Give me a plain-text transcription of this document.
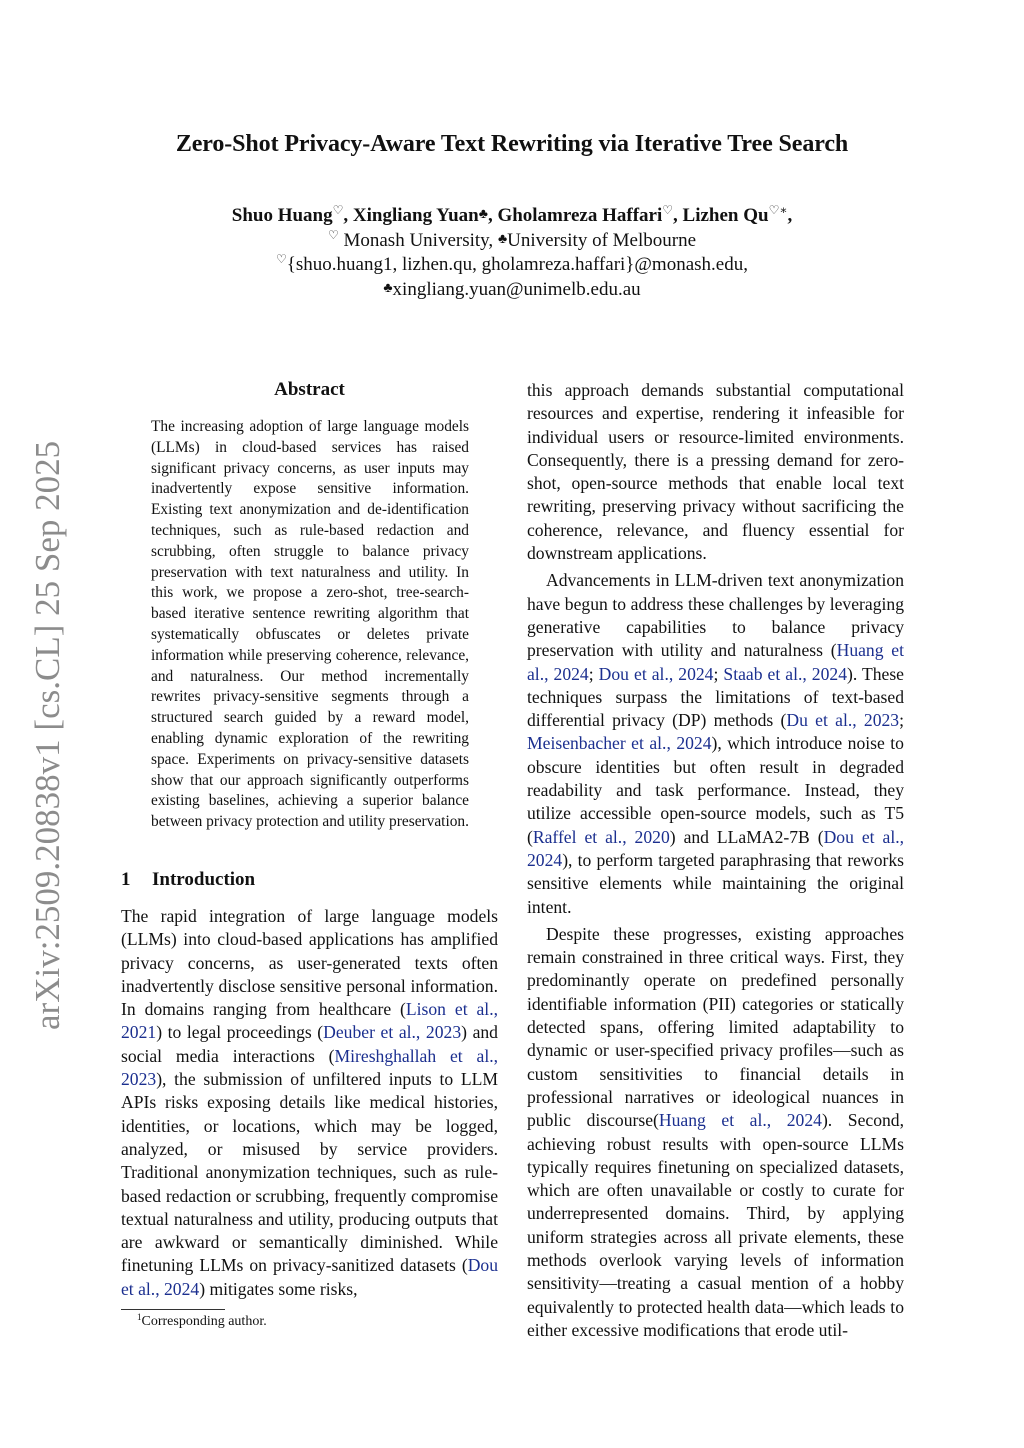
Zero-Shot Privacy-Aware Text Rewriting via Iterative Tree Search
Shuo Huang♡, Xingliang Yuan♣, Gholamreza Haffari♡, Lizhen Qu♡∗,
♡ Monash University, ♣University of Melbourne
♡{shuo.huang1, lizhen.qu, gholamreza.haffari}@monash.edu,
♣xingliang.yuan@unimelb.edu.au
arXiv:2509.20838v1 [cs.CL] 25 Sep 2025
Abstract
The increasing adoption of large language models (LLMs) in cloud-based services has raised significant privacy concerns, as user inputs may inadvertently expose sensitive information. Existing text anonymization and de-identification techniques, such as rule-based redaction and scrubbing, often struggle to balance privacy preservation with text naturalness and utility. In this work, we propose a zero-shot, tree-search-based iterative sentence rewriting algorithm that systematically obfuscates or deletes private information while preserving coherence, relevance, and naturalness. Our method incrementally rewrites privacy-sensitive segments through a structured search guided by a reward model, enabling dynamic exploration of the rewriting space. Experiments on privacy-sensitive datasets show that our approach significantly outperforms existing baselines, achieving a superior balance between privacy protection and utility preservation.
1 Introduction
The rapid integration of large language models (LLMs) into cloud-based applications has amplified privacy concerns, as user-generated texts often inadvertently disclose sensitive personal information. In domains ranging from healthcare (Lison et al., 2021) to legal proceedings (Deuber et al., 2023) and social media interactions (Mireshghallah et al., 2023), the submission of unfiltered inputs to LLM APIs risks exposing details like medical histories, identities, or locations, which may be logged, analyzed, or misused by service providers. Traditional anonymization techniques, such as rule-based redaction or scrubbing, frequently compromise textual naturalness and utility, producing outputs that are awkward or semantically diminished. While finetuning LLMs on privacy-sanitized datasets (Dou et al., 2024) mitigates some risks,

this approach demands substantial computational resources and expertise, rendering it infeasible for individual users or resource-limited environments. Consequently, there is a pressing demand for zero-shot, open-source methods that enable local text rewriting, preserving privacy without sacrificing the coherence, relevance, and fluency essential for downstream applications.

Advancements in LLM-driven text anonymization have begun to address these challenges by leveraging generative capabilities to balance privacy preservation with utility and naturalness (Huang et al., 2024; Dou et al., 2024; Staab et al., 2024). These techniques surpass the limitations of text-based differential privacy (DP) methods (Du et al., 2023; Meisenbacher et al., 2024), which introduce noise to obscure identities but often result in degraded readability and task performance. Instead, they utilize accessible open-source models, such as T5 (Raffel et al., 2020) and LLaMA2-7B (Dou et al., 2024), to perform targeted paraphrasing that reworks sensitive elements while maintaining the original intent.

Despite these progresses, existing approaches remain constrained in three critical ways. First, they predominantly operate on predefined personally identifiable information (PII) categories or statically detected spans, offering limited adaptability to dynamic or user-specified privacy profiles—such as custom sensitivities to financial details in professional narratives or ideological nuances in public discourse(Huang et al., 2024). Second, achieving robust results with open-source LLMs typically requires finetuning on specialized datasets, which are often unavailable or costly to curate for underrepresented domains. Third, by applying uniform strategies across all private elements, these methods overlook varying levels of information sensitivity—treating a casual mention of a hobby equivalently to protected health data—which leads to either excessive modifications that erode util-

$^1$Corresponding author.
